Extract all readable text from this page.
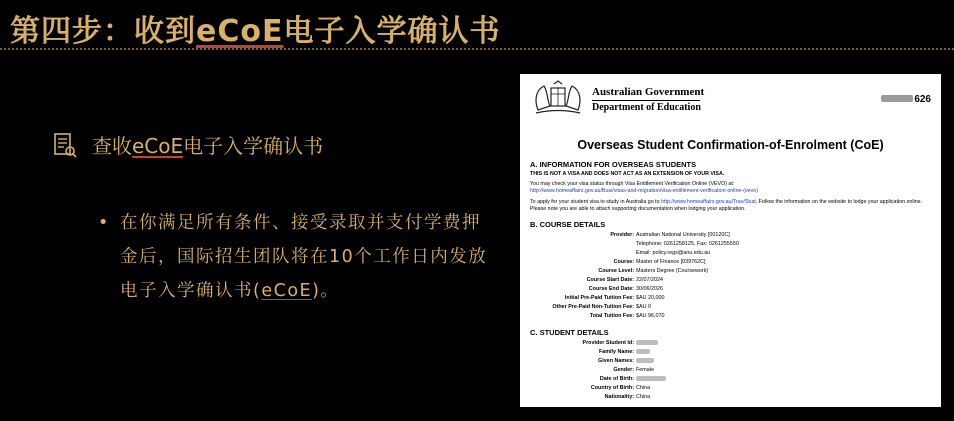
第四步：收到eCoE电子入学确认书
查收eCoE电子入学确认书
• 在你满足所有条件、接受录取并支付学费押金后，国际招生团队将在10个工作日内发放电子入学确认书(eCoE)。
Australian Government
Department of Education
626
Overseas Student Confirmation-of-Enrolment (CoE)
A. INFORMATION FOR OVERSEAS STUDENTS
THIS IS NOT A VISA AND DOES NOT ACT AS AN EXTENSION OF YOUR VISA.
You may check your visa status through Visa Entitlement Verification Online (VEVO) at:
http://www.homeaffairs.gov.au/Busi/visas-and-migration/visa-entitlement-verification-online-(vevo)
To apply for your student visa to study in Australia go to http://www.homeaffairs.gov.au/Trav/Stud. Follow the information on the website to lodge your application online. Please note you are able to attach supporting documentation when lodging your application.
B. COURSE DETAILS
Provider: Australian National University [00120C]
Telephone: 0261258125, Fax: 0261255550
Email: policy.regs@anu.edu.au
Course: Master of Finance [039762C]
Course Level: Masters Degree (Coursework)
Course Start Date: 22/07/2024
Course End Date: 30/06/2026
Initial Pre-Paid Tuition Fee: $AU 20,000
Other Pre-Paid Non-Tuition Fee: $AU 0
Total Tuition Fee: $AU 96,070
C. STUDENT DETAILS
Provider Student Id:
Family Name:
Given Names:
Gender: Female
Date of Birth:
Country of Birth: China
Nationality: China
